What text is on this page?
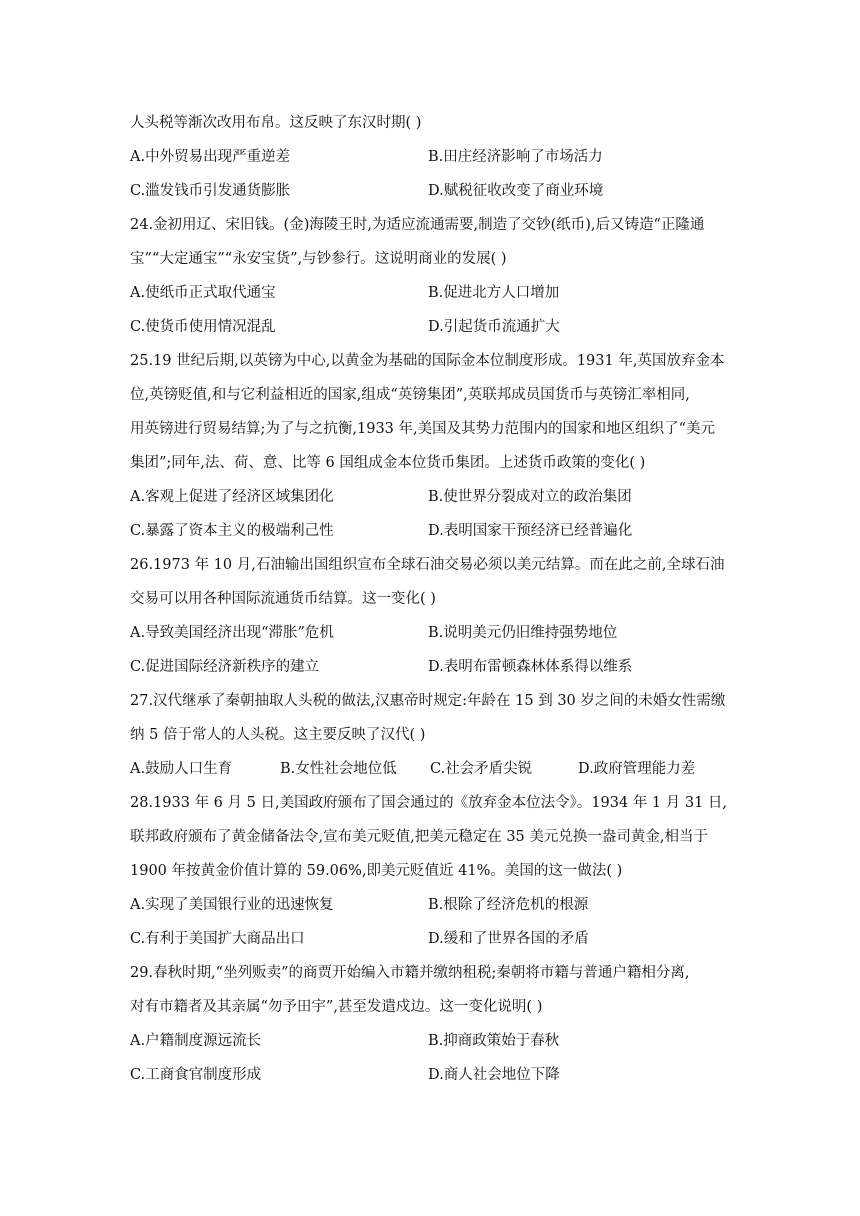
人头税等渐次改用布帛。这反映了东汉时期( )
A.中外贸易出现严重逆差	B.田庄经济影响了市场活力
C.滥发钱币引发通货膨胀	D.赋税征收改变了商业环境
24.金初用辽、宋旧钱。(金)海陵王时,为适应流通需要,制造了交钞(纸币),后又铸造“正隆通
宝”“大定通宝”“永安宝货”,与钞参行。这说明商业的发展( )
A.使纸币正式取代通宝	B.促进北方人口增加
C.使货币使用情况混乱	D.引起货币流通扩大
25.19 世纪后期,以英镑为中心,以黄金为基础的国际金本位制度形成。1931 年,英国放弃金本
位,英镑贬值,和与它利益相近的国家,组成“英镑集团”,英联邦成员国货币与英镑汇率相同,
用英镑进行贸易结算;为了与之抗衡,1933 年,美国及其势力范围内的国家和地区组织了“美元
集团”;同年,法、荷、意、比等 6 国组成金本位货币集团。上述货币政策的变化( )
A.客观上促进了经济区域集团化	B.使世界分裂成对立的政治集团
C.暴露了资本主义的极端利己性	D.表明国家干预经济已经普遍化
26.1973 年 10 月,石油输出国组织宣布全球石油交易必须以美元结算。而在此之前,全球石油
交易可以用各种国际流通货币结算。这一变化( )
A.导致美国经济出现“滞胀”危机	B.说明美元仍旧维持强势地位
C.促进国际经济新秩序的建立	D.表明布雷顿森林体系得以维系
27.汉代继承了秦朝抽取人头税的做法,汉惠帝时规定:年龄在 15 到 30 岁之间的未婚女性需缴
纳 5 倍于常人的人头税。这主要反映了汉代( )
A.鼓励人口生育	B.女性社会地位低	C.社会矛盾尖锐	D.政府管理能力差
28.1933 年 6 月 5 日,美国政府颁布了国会通过的《放弃金本位法令》。1934 年 1 月 31 日,
联邦政府颁布了黄金储备法令,宣布美元贬值,把美元稳定在 35 美元兑换一盎司黄金,相当于
1900 年按黄金价值计算的 59.06%,即美元贬值近 41%。美国的这一做法( )
A.实现了美国银行业的迅速恢复	B.根除了经济危机的根源
C.有利于美国扩大商品出口	D.缓和了世界各国的矛盾
29.春秋时期,“坐列贩卖”的商贾开始编入市籍并缴纳租税;秦朝将市籍与普通户籍相分离,
对有市籍者及其亲属“勿予田宇”,甚至发遣戍边。这一变化说明( )
A.户籍制度源远流长	B.抑商政策始于春秋
C.工商食官制度形成	D.商人社会地位下降
